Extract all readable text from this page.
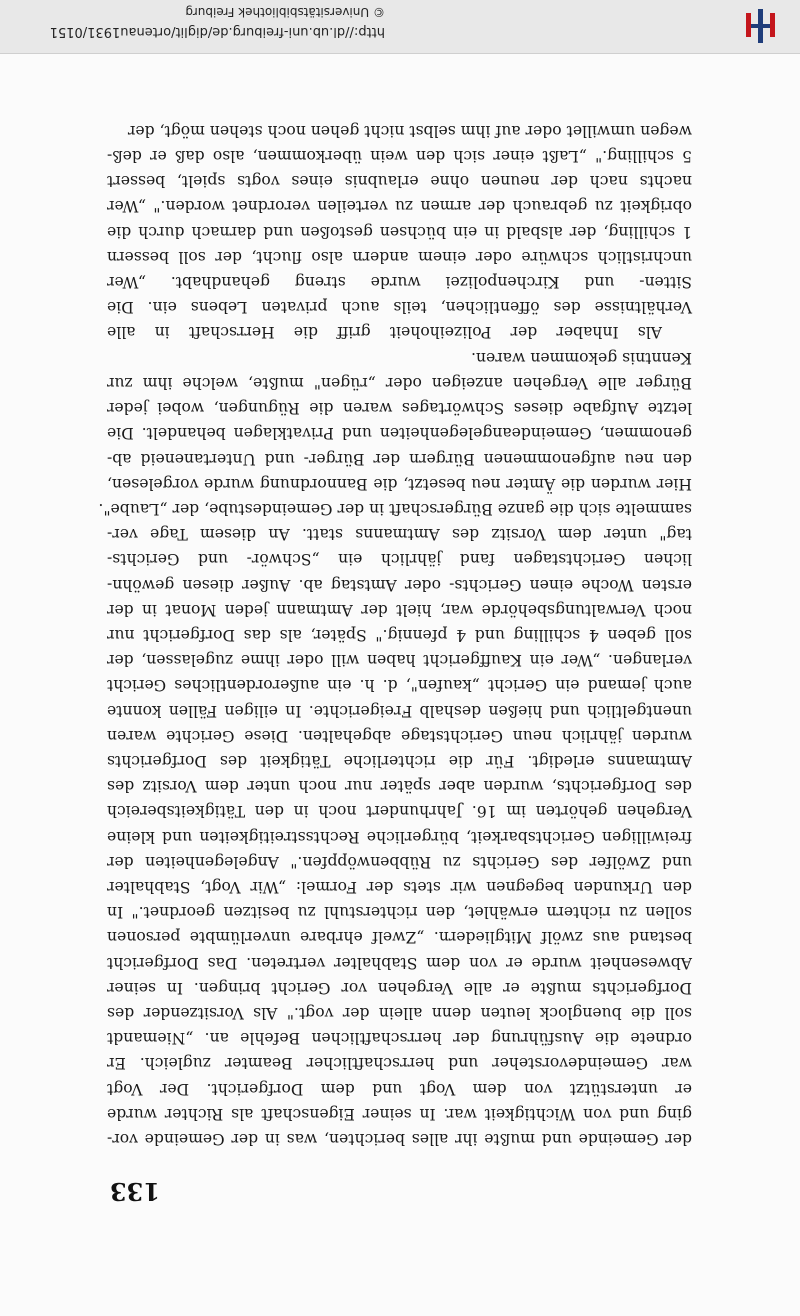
133
der Gemeinde und mußte ihr alles berichten, was in der Gemeinde vor-
ging und von Wichtigkeit war. In seiner Eigenschaft als Richter wurde
er unterstützt von dem Vogt und dem Dorfgericht. Der Vogt
war Gemeindevorsteher und herrschaftlicher Beamter zugleich. Er
ordnete die Ausführung der herrschaftlichen Befehle an. „Niemandt
soll die buenglock leuten denn allein der vogt." Als Vorsitzender des
Dorfgerichts mußte er alle Vergehen vor Gericht bringen. In seiner
Abwesenheit wurde er von dem Stabhalter vertreten. Das Dorfgericht
bestand aus zwölf Mitgliedern. „Zwelf ehrbare unverlümbte personen
sollen zu richtern erwählet, den richterstuhl zu besitzen geordnet." In
den Urkunden begegnen wir stets der Formel: „Wir Vogt, Stabhalter
und Zwölfer des Gerichts zu Rübbenwöppfen." Angelegenheiten der
freiwilligen Gerichtsbarkeit, bürgerliche Rechtsstreitigkeiten und kleine
Vergehen gehörten im 16. Jahrhundert noch in den Tätigkeitsbereich
des Dorfgerichts, wurden aber später nur noch unter dem Vorsitz des
Amtmanns erledigt. Für die richterliche Tätigkeit des Dorfgerichts
wurden jährlich neun Gerichtstage abgehalten. Diese Gerichte waren
unentgeltlich und hießen deshalb Freigerichte. In eiligen Fällen konnte
auch jemand ein Gericht „kaufen", d. h. ein außerordentliches Gericht
verlangen. „Wer ein Kauffgericht haben will oder ihme zugelassen, der
soll geben 4 schilling und 4 pfennig." Später, als das Dorfgericht nur
noch Verwaltungsbehörde war, hielt der Amtmann jeden Monat in der
ersten Woche einen Gerichts- oder Amtstag ab. Außer diesen gewöhn-
lichen Gerichtstagen fand jährlich ein „Schwör- und Gerichts-
tag" unter dem Vorsitz des Amtmanns statt. An diesem Tage ver-
sammelte sich die ganze Bürgerschaft in der Gemeindestube, der „Laube".
Hier wurden die Ämter neu besetzt, die Bannordnung wurde vorgelesen,
den neu aufgenommenen Bürgern der Bürger- und Untertaneneid ab-
genommen, Gemeindeangelegenheiten und Privatklagen behandelt. Die
letzte Aufgabe dieses Schwörtages waren die Rügungen, wobei jeder
Bürger alle Vergehen anzeigen oder „rügen" mußte, welche ihm zur
Kenntnis gekommen waren.
Als Inhaber der Polizeihoheit griff die Herrschaft in alle
Verhältnisse des öffentlichen, teils auch privaten Lebens ein. Die
Sitten- und Kirchenpolizei wurde streng gehandhabt. „Wer
unchristlich schwüre oder einem andern also flucht, der soll bessern
1 schilling, der alsbald in ein büchsen gestoßen und darnach durch die
obrigkeit zu gebrauch der armen zu verteilen verordnet worden." „Wer
nachts nach der neunen ohne erlaubnis eines vogts spielt, bessert
5 schilling." „Laßt einer sich den wein überkommen, also daß er deß-
wegen umwillet oder auf ihm selbst nicht gehen noch stehen mögt, der
http://dl.ub.uni-freiburg.de/diglit/ortenau1931/0151
© Universitätsbibliothek Freiburg
